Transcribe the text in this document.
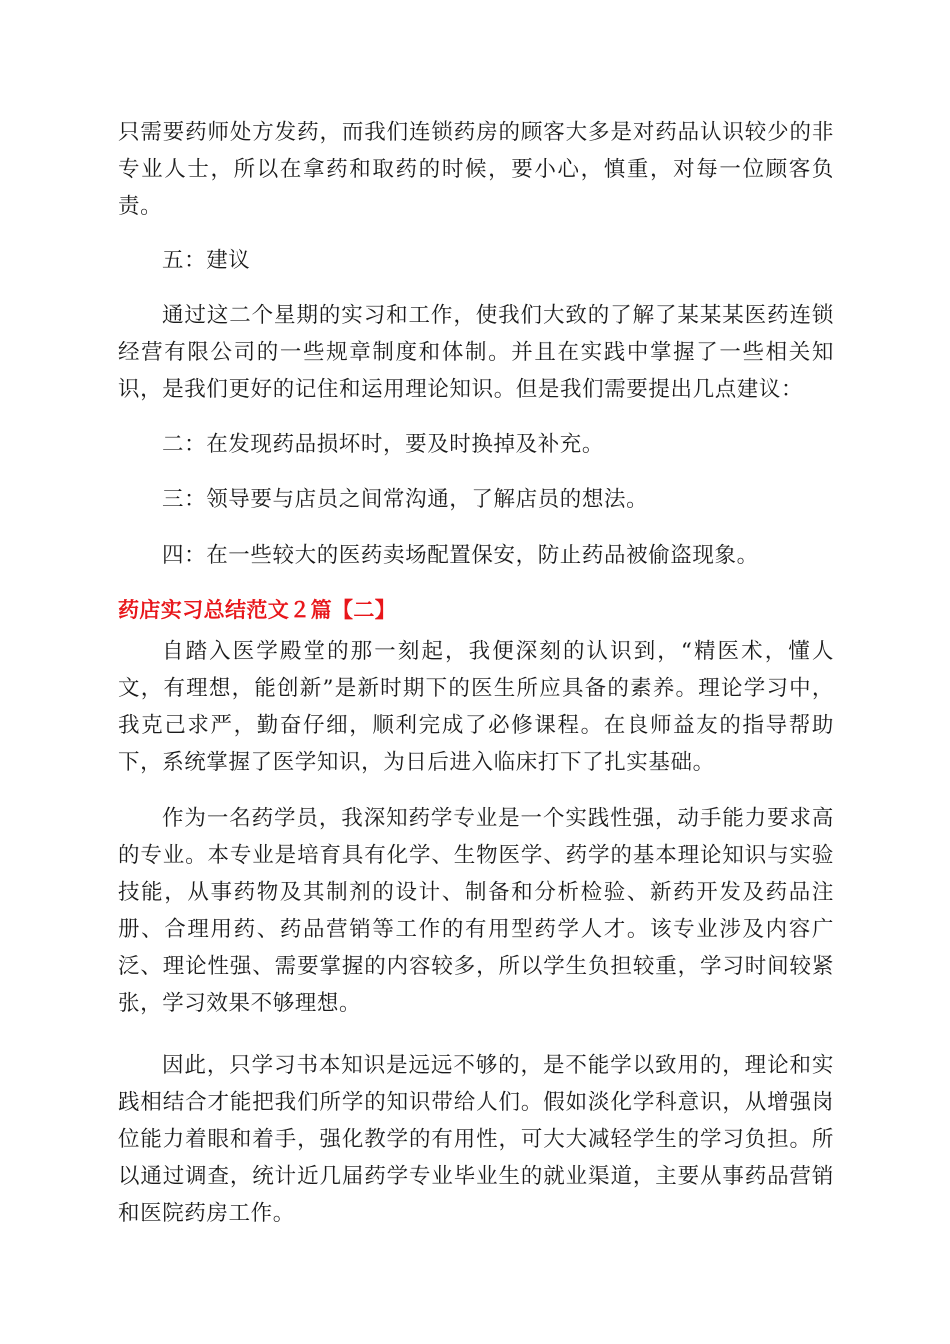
只需要药师处方发药，而我们连锁药房的顾客大多是对药品认识较少的非专业人士，所以在拿药和取药的时候，要小心，慎重，对每一位顾客负责。

五：建议

通过这二个星期的实习和工作，使我们大致的了解了某某某医药连锁经营有限公司的一些规章制度和体制。并且在实践中掌握了一些相关知识，是我们更好的记住和运用理论知识。但是我们需要提出几点建议：

二：在发现药品损坏时，要及时换掉及补充。

三：领导要与店员之间常沟通，了解店员的想法。

四：在一些较大的医药卖场配置保安，防止药品被偷盗现象。

药店实习总结范文２篇【二】

自踏入医学殿堂的那一刻起，我便深刻的认识到，“精医术，懂人文，有理想，能创新”是新时期下的医生所应具备的素养。理论学习中，我克己求严，勤奋仔细，顺利完成了必修课程。在良师益友的指导帮助下，系统掌握了医学知识，为日后进入临床打下了扎实基础。

作为一名药学员，我深知药学专业是一个实践性强，动手能力要求高的专业。本专业是培育具有化学、生物医学、药学的基本理论知识与实验技能，从事药物及其制剂的设计、制备和分析检验、新药开发及药品注册、合理用药、药品营销等工作的有用型药学人才。该专业涉及内容广泛、理论性强、需要掌握的内容较多，所以学生负担较重，学习时间较紧张，学习效果不够理想。

因此，只学习书本知识是远远不够的，是不能学以致用的，理论和实践相结合才能把我们所学的知识带给人们。假如淡化学科意识，从增强岗位能力着眼和着手，强化教学的有用性，可大大减轻学生的学习负担。所以通过调查，统计近几届药学专业毕业生的就业渠道，主要从事药品营销和医院药房工作。
